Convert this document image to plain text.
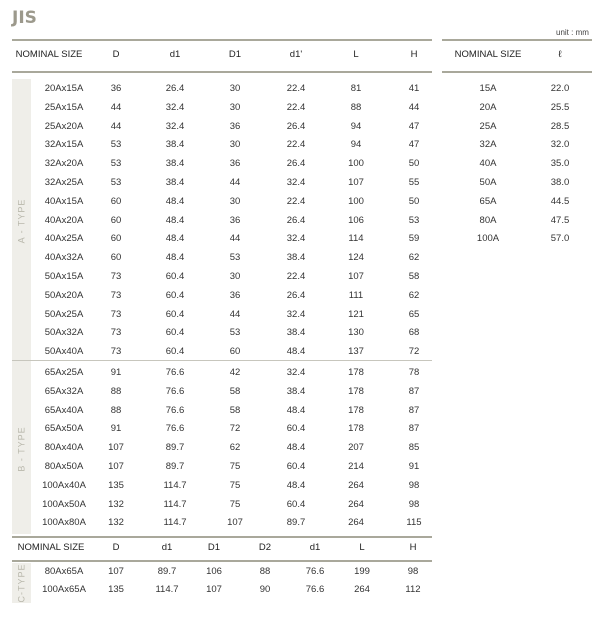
JIS
unit : mm
NOMINAL SIZE	D	d1	D1	d1'	L	H
A - TYPE
20Ax15A	36	26.4	30	22.4	81	41
25Ax15A	44	32.4	30	22.4	88	44
25Ax20A	44	32.4	36	26.4	94	47
32Ax15A	53	38.4	30	22.4	94	47
32Ax20A	53	38.4	36	26.4	100	50
32Ax25A	53	38.4	44	32.4	107	55
40Ax15A	60	48.4	30	22.4	100	50
40Ax20A	60	48.4	36	26.4	106	53
40Ax25A	60	48.4	44	32.4	114	59
40Ax32A	60	48.4	53	38.4	124	62
50Ax15A	73	60.4	30	22.4	107	58
50Ax20A	73	60.4	36	26.4	111	62
50Ax25A	73	60.4	44	32.4	121	65
50Ax32A	73	60.4	53	38.4	130	68
50Ax40A	73	60.4	60	48.4	137	72
B - TYPE
65Ax25A	91	76.6	42	32.4	178	78
65Ax32A	88	76.6	58	38.4	178	87
65Ax40A	88	76.6	58	48.4	178	87
65Ax50A	91	76.6	72	60.4	178	87
80Ax40A	107	89.7	62	48.4	207	85
80Ax50A	107	89.7	75	60.4	214	91
100Ax40A	135	114.7	75	48.4	264	98
100Ax50A	132	114.7	75	60.4	264	98
100Ax80A	132	114.7	107	89.7	264	115
NOMINAL SIZE	ℓ
15A	22.0
20A	25.5
25A	28.5
32A	32.0
40A	35.0
50A	38.0
65A	44.5
80A	47.5
100A	57.0
NOMINAL SIZE	D	d1	D1	D2	d1	L	H
C-TYPE	80Ax65A	107	89.7	106	88	76.6	199	98
100Ax65A	135	114.7	107	90	76.6	264	112
